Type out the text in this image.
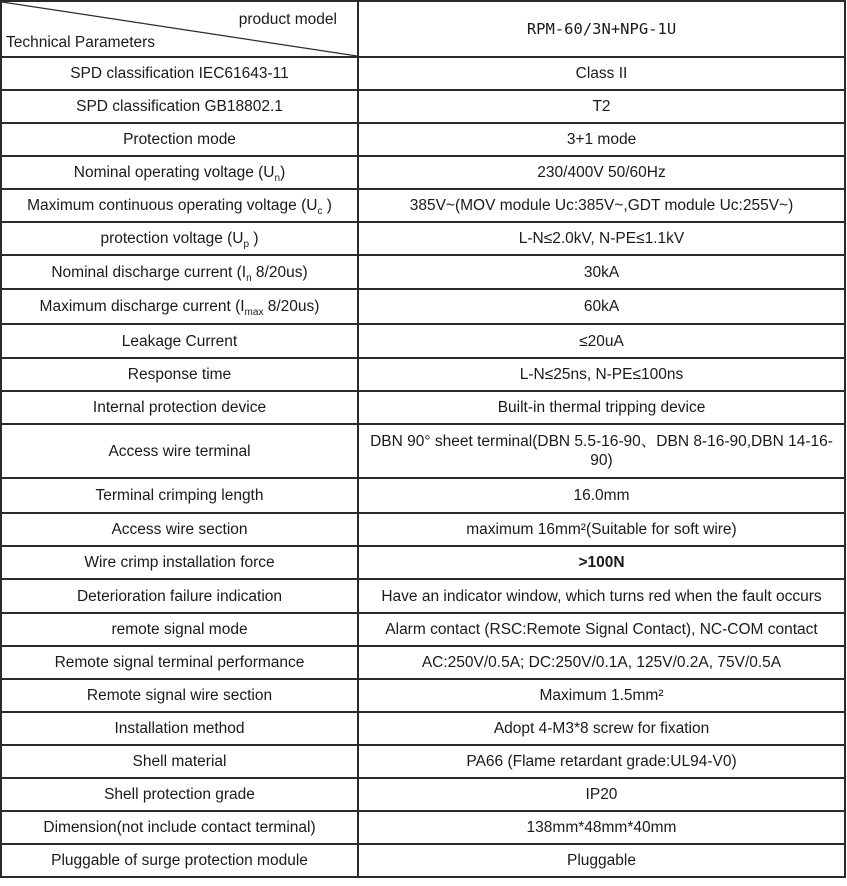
product model
Technical Parameters	RPM-60/3N+NPG-1U
SPD classification IEC61643-11	Class II
SPD classification GB18802.1	T2
Protection mode	3+1 mode
Nominal operating voltage $(U_n)$	230/400V 50/60Hz
Maximum continuous operating voltage ($U_c$ )	385V~(MOV module Uc:385V~,GDT module Uc:255V~)
protection voltage ($U_p$ )	L-N≤2.0kV, N-PE≤1.1kV
Nominal discharge current ($I_n$ 8/20us)	30kA
Maximum discharge current ($I_{max}$ 8/20us)	60kA
Leakage Current	≤20uA
Response time	L-N≤25ns, N-PE≤100ns
Internal protection device	Built-in thermal tripping device
Access wire terminal	DBN 90° sheet terminal(DBN 5.5-16-90、DBN 8-16-90,DBN 14-16-90)
Terminal crimping length	16.0mm
Access wire section	maximum 16mm²(Suitable for soft wire)
Wire crimp installation force	>100N
Deterioration failure indication	Have an indicator window, which turns red when the fault occurs
remote signal mode	Alarm contact (RSC:Remote Signal Contact), NC-COM contact
Remote signal terminal performance	AC:250V/0.5A; DC:250V/0.1A, 125V/0.2A, 75V/0.5A
Remote signal wire section	Maximum 1.5mm²
Installation method	Adopt 4-M3*8 screw for fixation
Shell material	PA66 (Flame retardant grade:UL94-V0)
Shell protection grade	IP20
Dimension(not include contact terminal)	138mm*48mm*40mm
Pluggable of surge protection module	Pluggable
